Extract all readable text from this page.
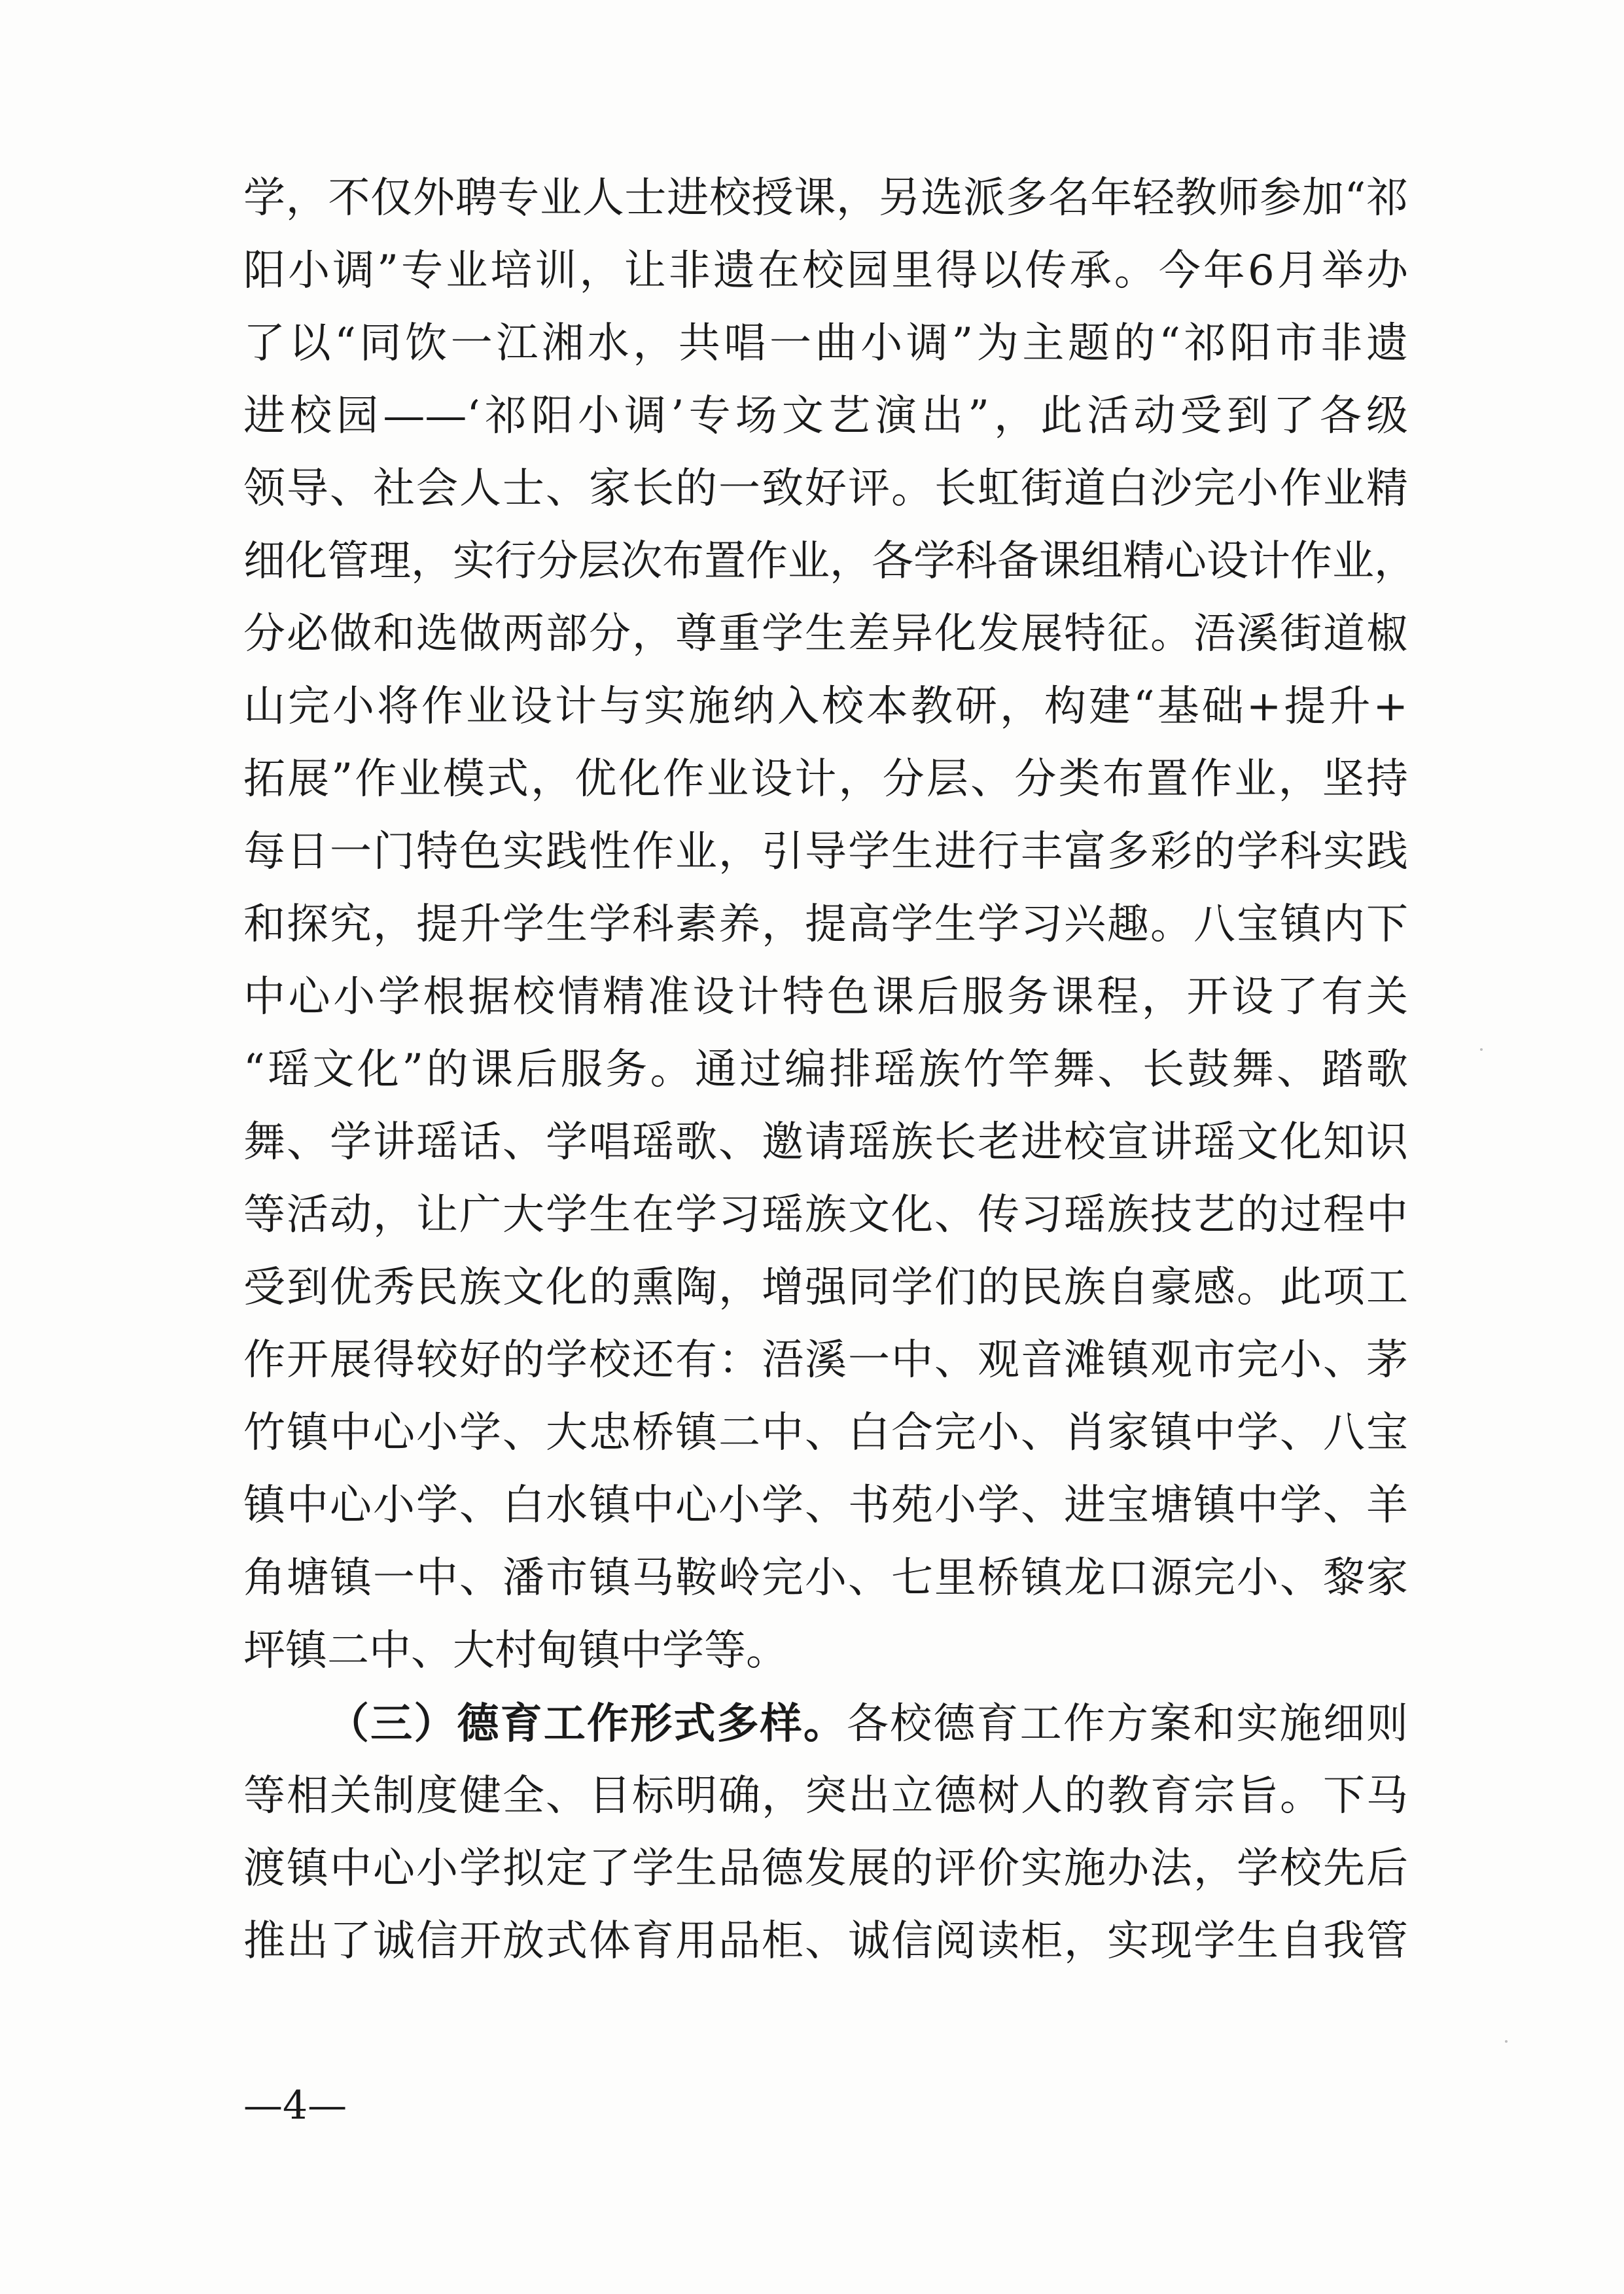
学，不仅外聘专业人士进校授课，另选派多名年轻教师参加“祁
阳小调”专业培训，让非遗在校园里得以传承。今年6月举办
了以“同饮一江湘水，共唱一曲小调”为主题的“祁阳市非遗
进校园——‘祁阳小调’专场文艺演出”，此活动受到了各级
领导、社会人士、家长的一致好评。长虹街道白沙完小作业精
细化管理，实行分层次布置作业，各学科备课组精心设计作业，
分必做和选做两部分，尊重学生差异化发展特征。浯溪街道椒
山完小将作业设计与实施纳入校本教研，构建“基础+提升+
拓展”作业模式，优化作业设计，分层、分类布置作业，坚持
每日一门特色实践性作业，引导学生进行丰富多彩的学科实践
和探究，提升学生学科素养，提高学生学习兴趣。八宝镇内下
中心小学根据校情精准设计特色课后服务课程，开设了有关
“瑶文化”的课后服务。通过编排瑶族竹竿舞、长鼓舞、踏歌
舞、学讲瑶话、学唱瑶歌、邀请瑶族长老进校宣讲瑶文化知识
等活动，让广大学生在学习瑶族文化、传习瑶族技艺的过程中
受到优秀民族文化的熏陶，增强同学们的民族自豪感。此项工
作开展得较好的学校还有：浯溪一中、观音滩镇观市完小、茅
竹镇中心小学、大忠桥镇二中、白合完小、肖家镇中学、八宝
镇中心小学、白水镇中心小学、书苑小学、进宝塘镇中学、羊
角塘镇一中、潘市镇马鞍岭完小、七里桥镇龙口源完小、黎家
坪镇二中、大村甸镇中学等。
（三）德育工作形式多样。各校德育工作方案和实施细则
等相关制度健全、目标明确，突出立德树人的教育宗旨。下马
渡镇中心小学拟定了学生品德发展的评价实施办法，学校先后
推出了诚信开放式体育用品柜、诚信阅读柜，实现学生自我管
—4—
